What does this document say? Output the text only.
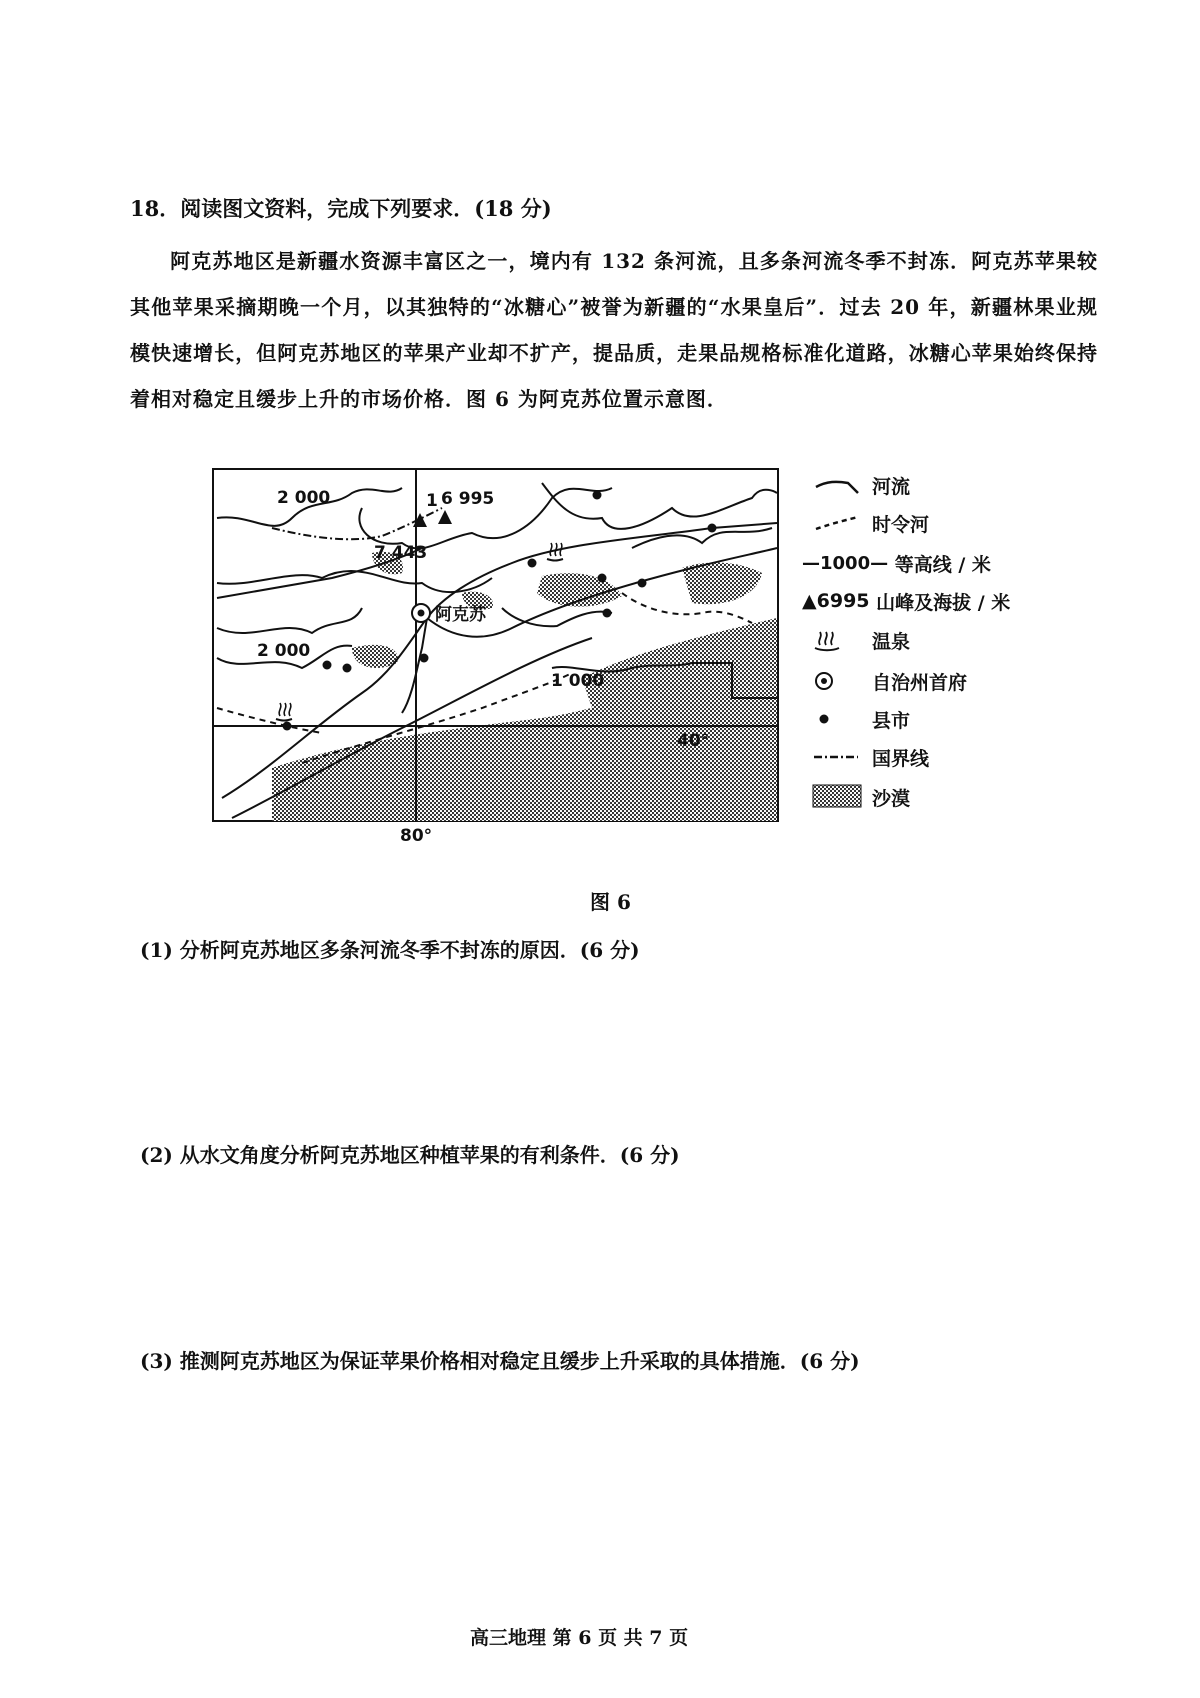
18．阅读图文资料，完成下列要求．(18 分)
阿克苏地区是新疆水资源丰富区之一，境内有 132 条河流，且多条河流冬季不封冻．阿克苏苹果较其他苹果采摘期晚一个月，以其独特的“冰糖心”被誉为新疆的“水果皇后”．过去 20 年，新疆林果业规模快速增长，但阿克苏地区的苹果产业却不扩产，提品质，走果品规格标准化道路，冰糖心苹果始终保持着相对稳定且缓步上升的市场价格．图 6 为阿克苏位置示意图．
1 6 995
7 443
2 000
2 000
1 000
40°
阿克苏
80°
河流
时令河
—1000—
等高线 / 米
▲6995
山峰及海拔 / 米
温泉
自治州首府
县市
国界线
沙漠
图 6
(1) 分析阿克苏地区多条河流冬季不封冻的原因．(6 分)
(2) 从水文角度分析阿克苏地区种植苹果的有利条件．(6 分)
(3) 推测阿克苏地区为保证苹果价格相对稳定且缓步上升采取的具体措施．(6 分)
高三地理 第 6 页 共 7 页
